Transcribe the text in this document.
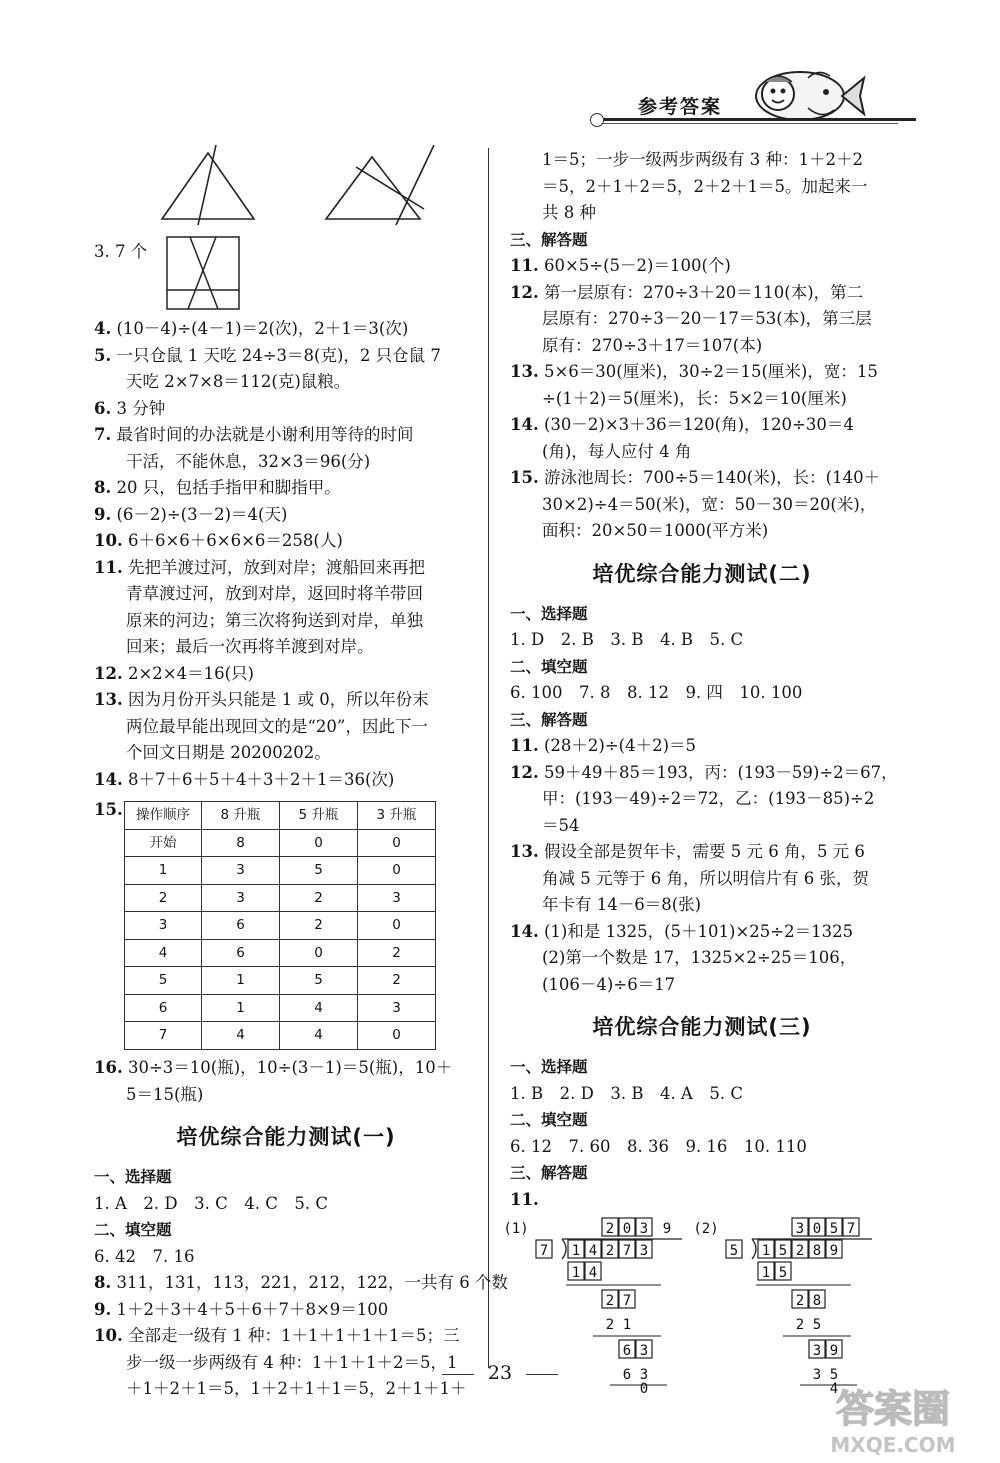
参考答案
3. 7 个
4. (10－4)÷(4－1)＝2(次)，2＋1＝3(次)
5. 一只仓鼠 1 天吃 24÷3＝8(克)，2 只仓鼠 7
天吃 2×7×8＝112(克)鼠粮。
6. 3 分钟
7. 最省时间的办法就是小谢利用等待的时间
干活，不能休息，32×3＝96(分)
8. 20 只，包括手指甲和脚指甲。
9. (6－2)÷(3－2)＝4(天)
10. 6＋6×6＋6×6×6＝258(人)
11. 先把羊渡过河，放到对岸；渡船回来再把
青草渡过河，放到对岸，返回时将羊带回
原来的河边；第三次将狗送到对岸，单独
回来；最后一次再将羊渡到对岸。
12. 2×2×4＝16(只)
13. 因为月份开头只能是 1 或 0，所以年份末
两位最早能出现回文的是“20”，因此下一
个回文日期是 20200202。
14. 8＋7＋6＋5＋4＋3＋2＋1＝36(次)
15. 操作顺序	8 升瓶	5 升瓶	3 升瓶
开始	8	0	0
1	3	5	0
2	3	2	3
3	6	2	0
4	6	0	2
5	1	5	2
6	1	4	3
7	4	4	0
16. 30÷3＝10(瓶)，10÷(3－1)＝5(瓶)，10＋
5＝15(瓶)
培优综合能力测试(一)
一、选择题
1. A　2. D　3. C　4. C　5. C
二、填空题
6. 42　7. 16
8. 311，131，113，221，212，122，一共有 6 个数
9. 1＋2＋3＋4＋5＋6＋7＋8×9＝100
10. 全部走一级有 1 种：1＋1＋1＋1＋1＝5；三
步一级一步两级有 4 种：1＋1＋1＋2＝5，1
＋1＋2＋1＝5，1＋2＋1＋1＝5，2＋1＋1＋
1＝5；一步一级两步两级有 3 种：1＋2＋2
＝5，2＋1＋2＝5，2＋2＋1＝5。加起来一
共 8 种
三、解答题
11. 60×5÷(5－2)＝100(个)
12. 第一层原有：270÷3＋20＝110(本)，第二
层原有：270÷3－20－17＝53(本)，第三层
原有：270÷3＋17＝107(本)
13. 5×6＝30(厘米)，30÷2＝15(厘米)，宽：15
÷(1＋2)＝5(厘米)，长：5×2＝10(厘米)
14. (30－2)×3＋36＝120(角)，120÷30＝4
(角)，每人应付 4 角
15. 游泳池周长：700÷5＝140(米)，长：(140＋
30×2)÷4＝50(米)，宽：50－30＝20(米)，
面积：20×50＝1000(平方米)
培优综合能力测试(二)
一、选择题
1. D　2. B　3. B　4. B　5. C
二、填空题
6. 100　7. 8　8. 12　9. 四　10. 100
三、解答题
11. (28＋2)÷(4＋2)＝5
12. 59＋49＋85＝193，丙：(193－59)÷2＝67，
甲：(193－49)÷2＝72，乙：(193－85)÷2
＝54
13. 假设全部是贺年卡，需要 5 元 6 角，5 元 6
角减 5 元等于 6 角，所以明信片有 6 张，贺
年卡有 14－6＝8(张)
14. (1)和是 1325，(5＋101)×25÷2＝1325
(2)第一个数是 17，1325×2÷25＝106，
(106－4)÷6＝17
培优综合能力测试(三)
一、选择题
1. B　2. D　3. B　4. A　5. C
二、填空题
6. 12　7. 60　8. 36　9. 16　10. 110
三、解答题
11.
(1)	2 0 3 9
7 1 4 2 7 3
1 4
2 7
2 1
6 3
6 3
0
(2)	3 0 5 7
5 1 5 2 8 9
1 5
2 8
2 5
3 9
3 5
4
23
答案圈
MXQE.COM
